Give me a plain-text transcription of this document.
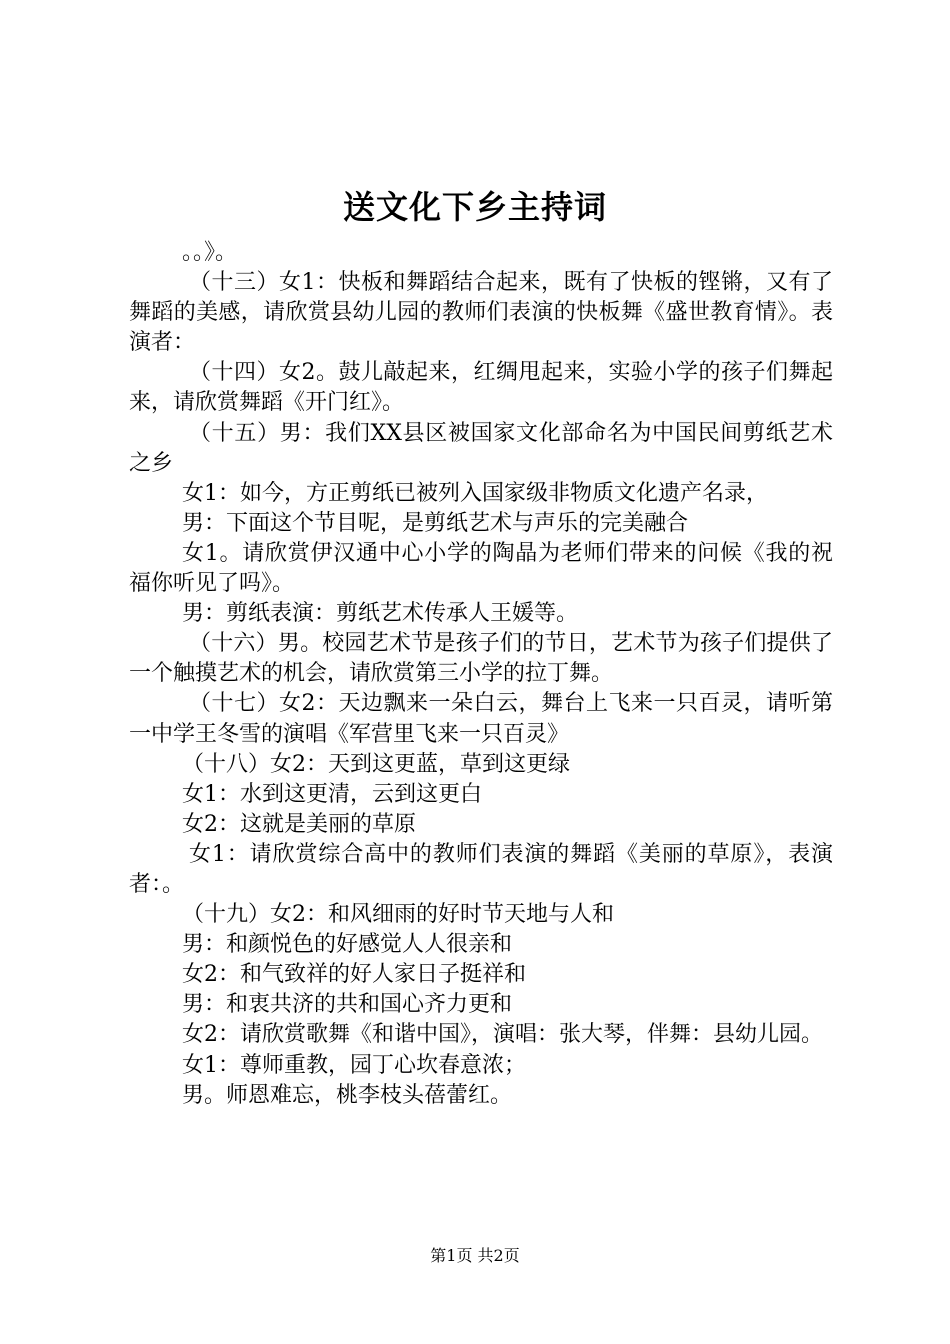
送文化下乡主持词

。。》。

（十三）女1：快板和舞蹈结合起来，既有了快板的铿锵，又有了舞蹈的美感，请欣赏县幼儿园的教师们表演的快板舞《盛世教育情》。表演者：

（十四）女2。鼓儿敲起来，红绸甩起来，实验小学的孩子们舞起来，请欣赏舞蹈《开门红》。

（十五）男：我们XX县区被国家文化部命名为中国民间剪纸艺术之乡

女1：如今，方正剪纸已被列入国家级非物质文化遗产名录，

男：下面这个节目呢，是剪纸艺术与声乐的完美融合

女1。请欣赏伊汉通中心小学的陶晶为老师们带来的问候《我的祝福你听见了吗》。

男：剪纸表演：剪纸艺术传承人王媛等。

（十六）男。校园艺术节是孩子们的节日，艺术节为孩子们提供了一个触摸艺术的机会，请欣赏第三小学的拉丁舞。

（十七）女2：天边飘来一朵白云，舞台上飞来一只百灵，请听第一中学王冬雪的演唱《军营里飞来一只百灵》

（十八）女2：天到这更蓝，草到这更绿

女1：水到这更清，云到这更白

女2：这就是美丽的草原

女1：请欣赏综合高中的教师们表演的舞蹈《美丽的草原》，表演者：。

（十九）女2：和风细雨的好时节天地与人和

男：和颜悦色的好感觉人人很亲和

女2：和气致祥的好人家日子挺祥和

男：和衷共济的共和国心齐力更和

女2：请欣赏歌舞《和谐中国》，演唱：张大琴，伴舞：县幼儿园。

女1：尊师重教，园丁心坎春意浓；

男。师恩难忘，桃李枝头蓓蕾红。

第1页 共2页
